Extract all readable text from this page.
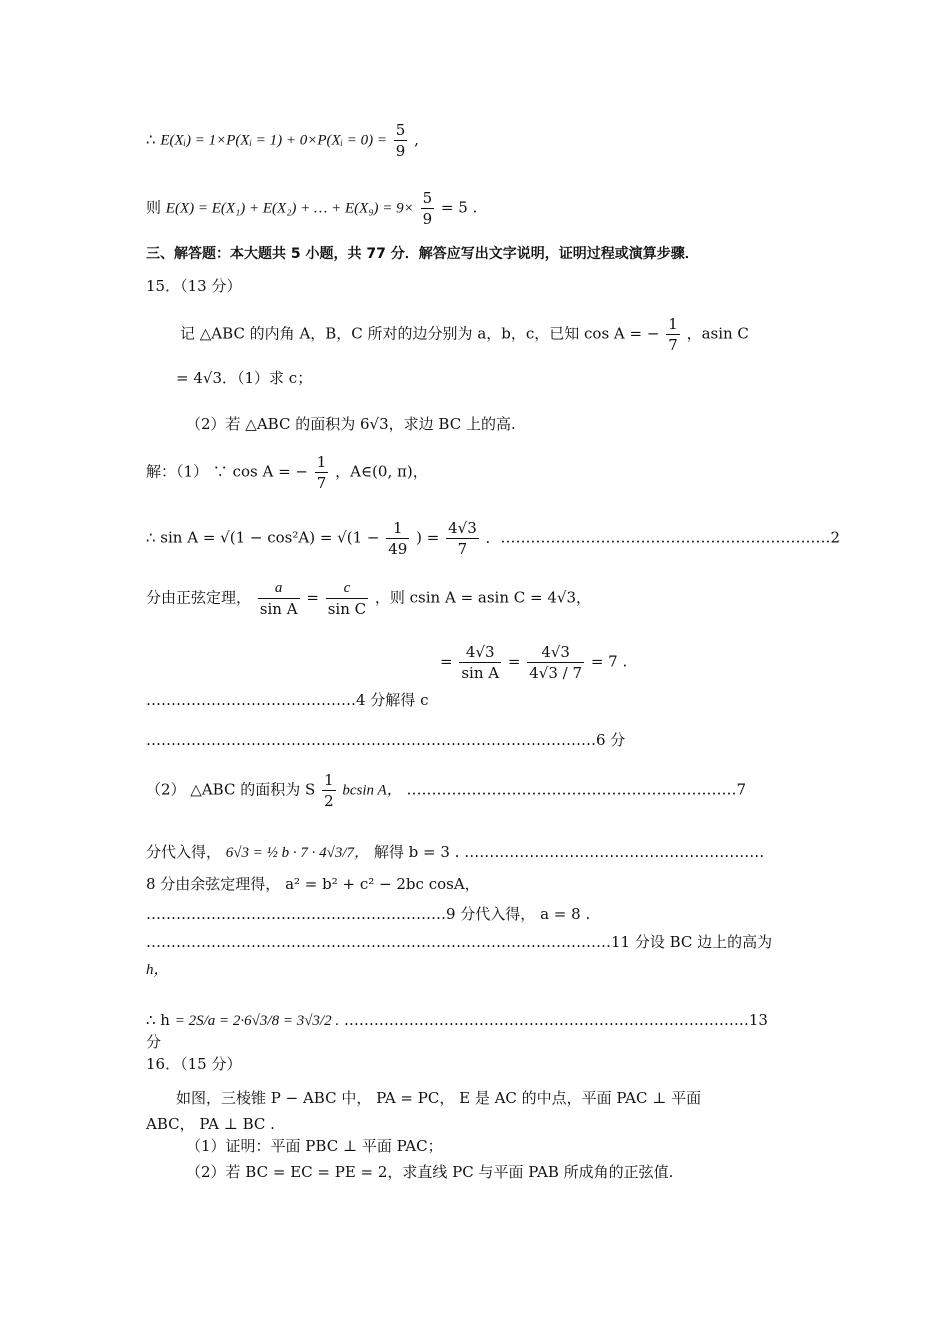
∴ E(Xᵢ) = 1×P(Xᵢ = 1) + 0×P(Xᵢ = $0) = \frac{5}{9}$ ,
则 E(X) = E(X₁) + E(X₂) + … + $E(X_9) = 9\times \frac{5}{9} = 5$ .
三、解答题：本大题共 5 小题，共 77 分．解答应写出文字说明，证明过程或演算步骤．
15．（13 分）
记 △ABC 的内角 A，B，C 所对的边分别为 a，b，c，已知 cos A = − $\frac{1}{7}$ ，asin C
= 4√3．（1）求 c；
（2）若 △ABC 的面积为 6√3，求边 BC 上的高.
解：（1） ∵ cos A = − $\frac{1}{7}$ ，A∈(0, π)，
∴ $\sin A = √(1 - \cos^2A) = √(1 - \frac{1}{49}$ ) = $\frac{4√3}{7}$ ．…………………………………………………………2
分由正弦定理， $\frac{a}{\text{sin A}} = \frac{c}{\text{sin C}}$ ，则 csin A = asin C = 4√3，
= $\frac{4√3}{\text{sin A}} = \frac{4√3}{4√3 / 7} = 7$ .
……………………………………4 分解得 c
………………………………………………………………………………6 分
（2） △ABC 的面积为 S $\frac{1}{2}$ bcsin A， …………………………………………………………7
分代入得， 6√3 = ½ b · 7 · 4√3/7， 解得 b = 3 . ……………………………………………………
8 分由余弦定理得， a² = b² + c² − 2bc cosA，
……………………………………………………9 分代入得， a = 8 .
…………………………………………………………………………………11 分设 BC 边上的高为
h，
∴ h = 2S/a = 2·6√3/8 = 3√3/2 . ………………………………………………………………………13
分
16．（15 分）
如图，三棱锥 P − ABC 中， PA = PC， E 是 AC 的中点，平面 PAC ⊥ 平面
ABC， PA ⊥ BC .
（1）证明：平面 PBC ⊥ 平面 PAC；
（2）若 BC = EC = PE = 2，求直线 PC 与平面 PAB 所成角的正弦值.
